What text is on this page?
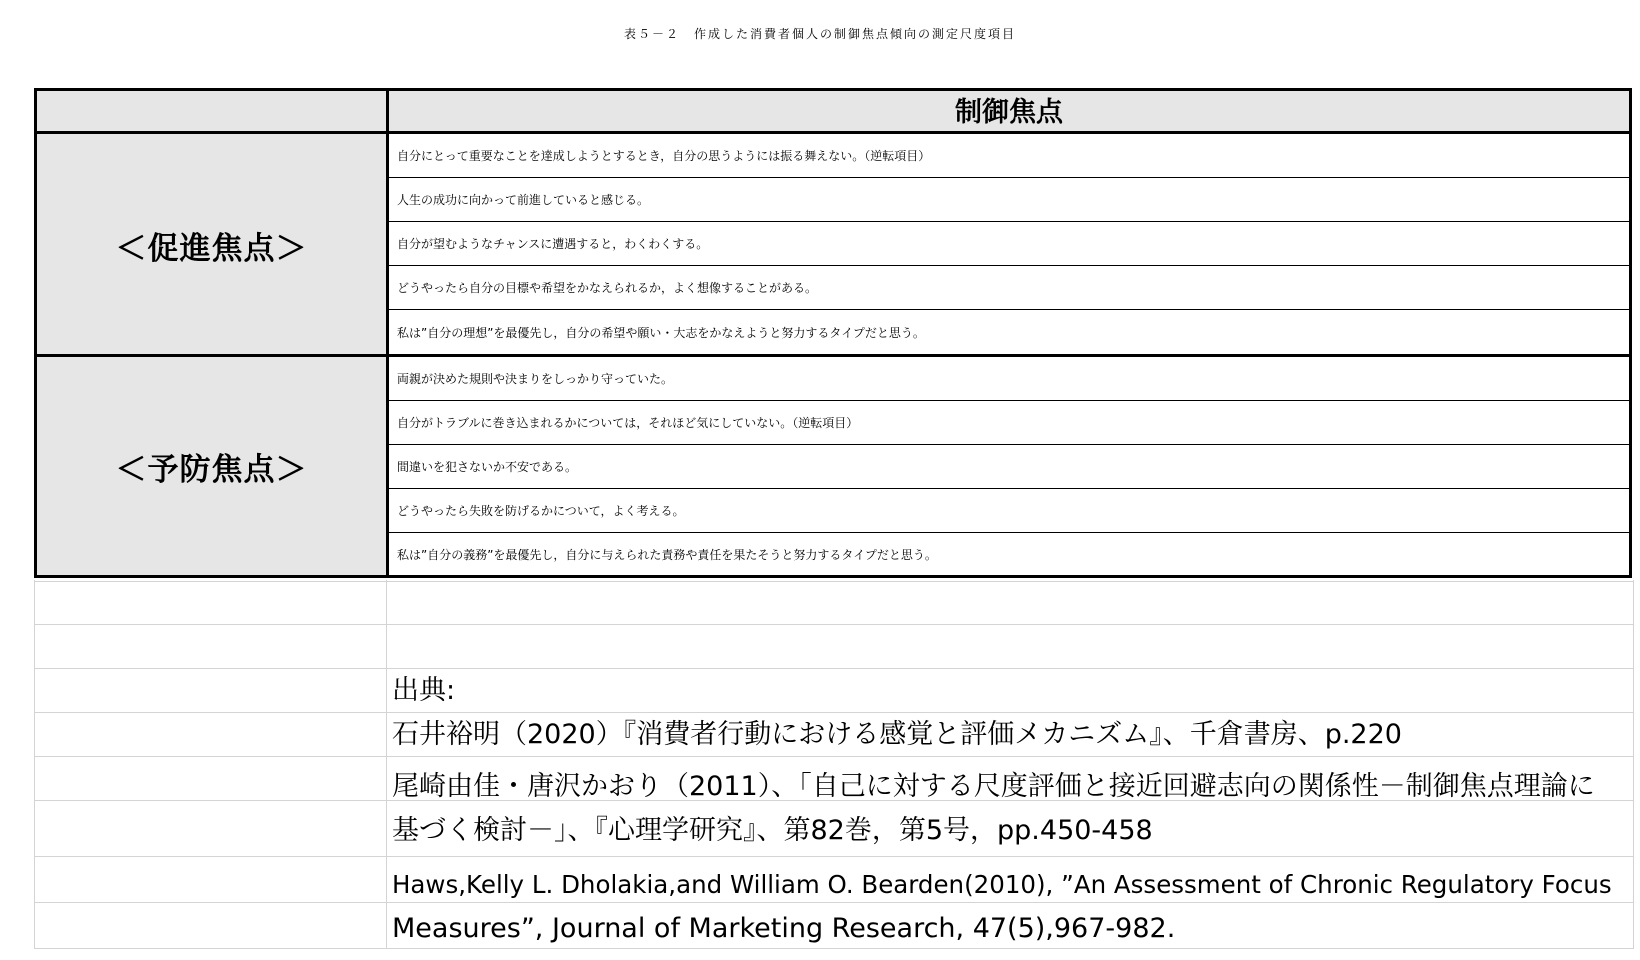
表５－２　作成した消費者個人の制御焦点傾向の測定尺度項目
制御焦点
＜促進焦点＞
自分にとって重要なことを達成しようとするとき，自分の思うようには振る舞えない。（逆転項目）
人生の成功に向かって前進していると感じる。
自分が望むようなチャンスに遭遇すると，わくわくする。
どうやったら自分の目標や希望をかなえられるか，よく想像することがある。
私は”自分の理想”を最優先し，自分の希望や願い・大志をかなえようと努力するタイプだと思う。
＜予防焦点＞
両親が決めた規則や決まりをしっかり守っていた。
自分がトラブルに巻き込まれるかについては，それほど気にしていない。（逆転項目）
間違いを犯さないか不安である。
どうやったら失敗を防げるかについて，よく考える。
私は”自分の義務”を最優先し，自分に与えられた責務や責任を果たそうと努力するタイプだと思う。
出典:
石井裕明（2020）『消費者行動における感覚と評価メカニズム』、千倉書房、p.220
尾崎由佳・唐沢かおり（2011）、「自己に対する尺度評価と接近回避志向の関係性－制御焦点理論に
基づく検討－」、『心理学研究』、第82巻，第5号，pp.450-458
Haws,Kelly L. Dholakia,and William O. Bearden(2010), ”An Assessment of Chronic Regulatory Focus
Measures”, Journal of Marketing Research, 47(5),967-982.
